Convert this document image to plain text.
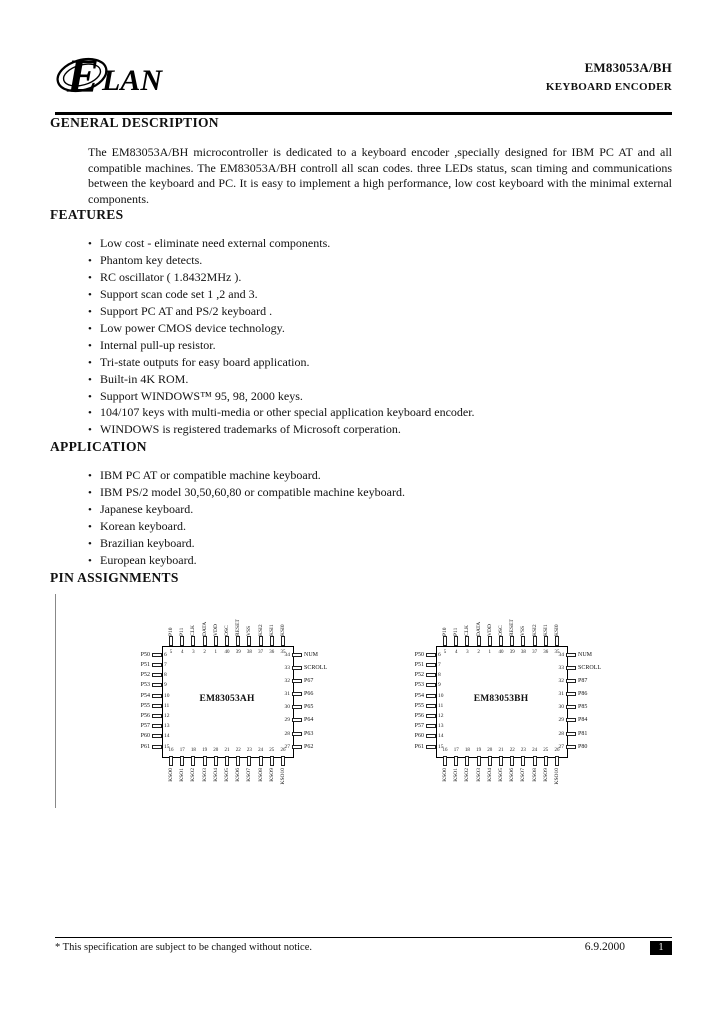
E LAN	EM83053A/BH
KEYBOARD ENCODER
GENERAL DESCRIPTION

The EM83053A/BH microcontroller is dedicated to a keyboard encoder ,specially designed for IBM PC AT and all compatible machines. The EM83053A/BH controll all scan codes. three LEDs status, scan timing and communications between the keyboard and PC. It is easy to implement a high performance, low cost keyboard with the minimal external components.

FEATURES
• Low cost - eliminate need external components.
• Phantom key detects.
• RC oscillator ( 1.8432MHz ).
• Support scan code set 1 ,2 and 3.
• Support PC AT and PS/2 keyboard .
• Low power CMOS device technology.
• Internal pull-up resistor.
• Tri-state outputs for easy board application.
• Built-in 4K ROM.
• Support WINDOWS™ 95, 98, 2000 keys.
• 104/107 keys with multi-media or other special application keyboard encoder.
• WINDOWS is registered trademarks of Microsoft corperation.
APPLICATION
• IBM PC AT or compatible machine keyboard.
• IBM PS/2 model 30,50,60,80 or compatible machine keyboard.
• Japanese keyboard.
• Korean keyboard.
• Brazilian keyboard.
• European keyboard.
PIN ASSIGNMENTS
EM83053AH
P50	6
P51	7
P52	8
P53	9
P54	10
P55	11
P56	12
P57	13
P60	14
P61	15
NUM
34
SCROLL
33
P67
32
P66
31
P65
30
P64
29
P63
28
P62
27
P10
5
P11
4
CLK
3
DATA
2
VDD
1
OSC
40
RESET
39
VSS
38
KSI2
37
KSI1
36
KSI0
35
KSO0
16
KSO1
17
KSO2
18
KSO3
19
KSO4
20
KSO5
21
KSO6
22
KSO7
23
KSO8
24
KSO9
25
KSO10
26
EM83053BH
P50	6
P51	7
P52	8
P53	9
P54	10
P55	11
P56	12
P57	13
P60	14
P61	15
NUM
34
SCROLL
33
P87
32
P86
31
P85
30
P84
29
P81
28
P80
27
P10
5
P11
4
CLK
3
DATA
2
VDD
1
OSC
40
RESET
39
VSS
38
KSI2
37
KSI1
36
KSI0
35
KSO0
16
KSO1
17
KSO2
18
KSO3
19
KSO4
20
KSO5
21
KSO6
22
KSO7
23
KSO8
24
KSO9
25
KSO10
26
* This specification are subject to be changed without notice.	6.9.2000	1
